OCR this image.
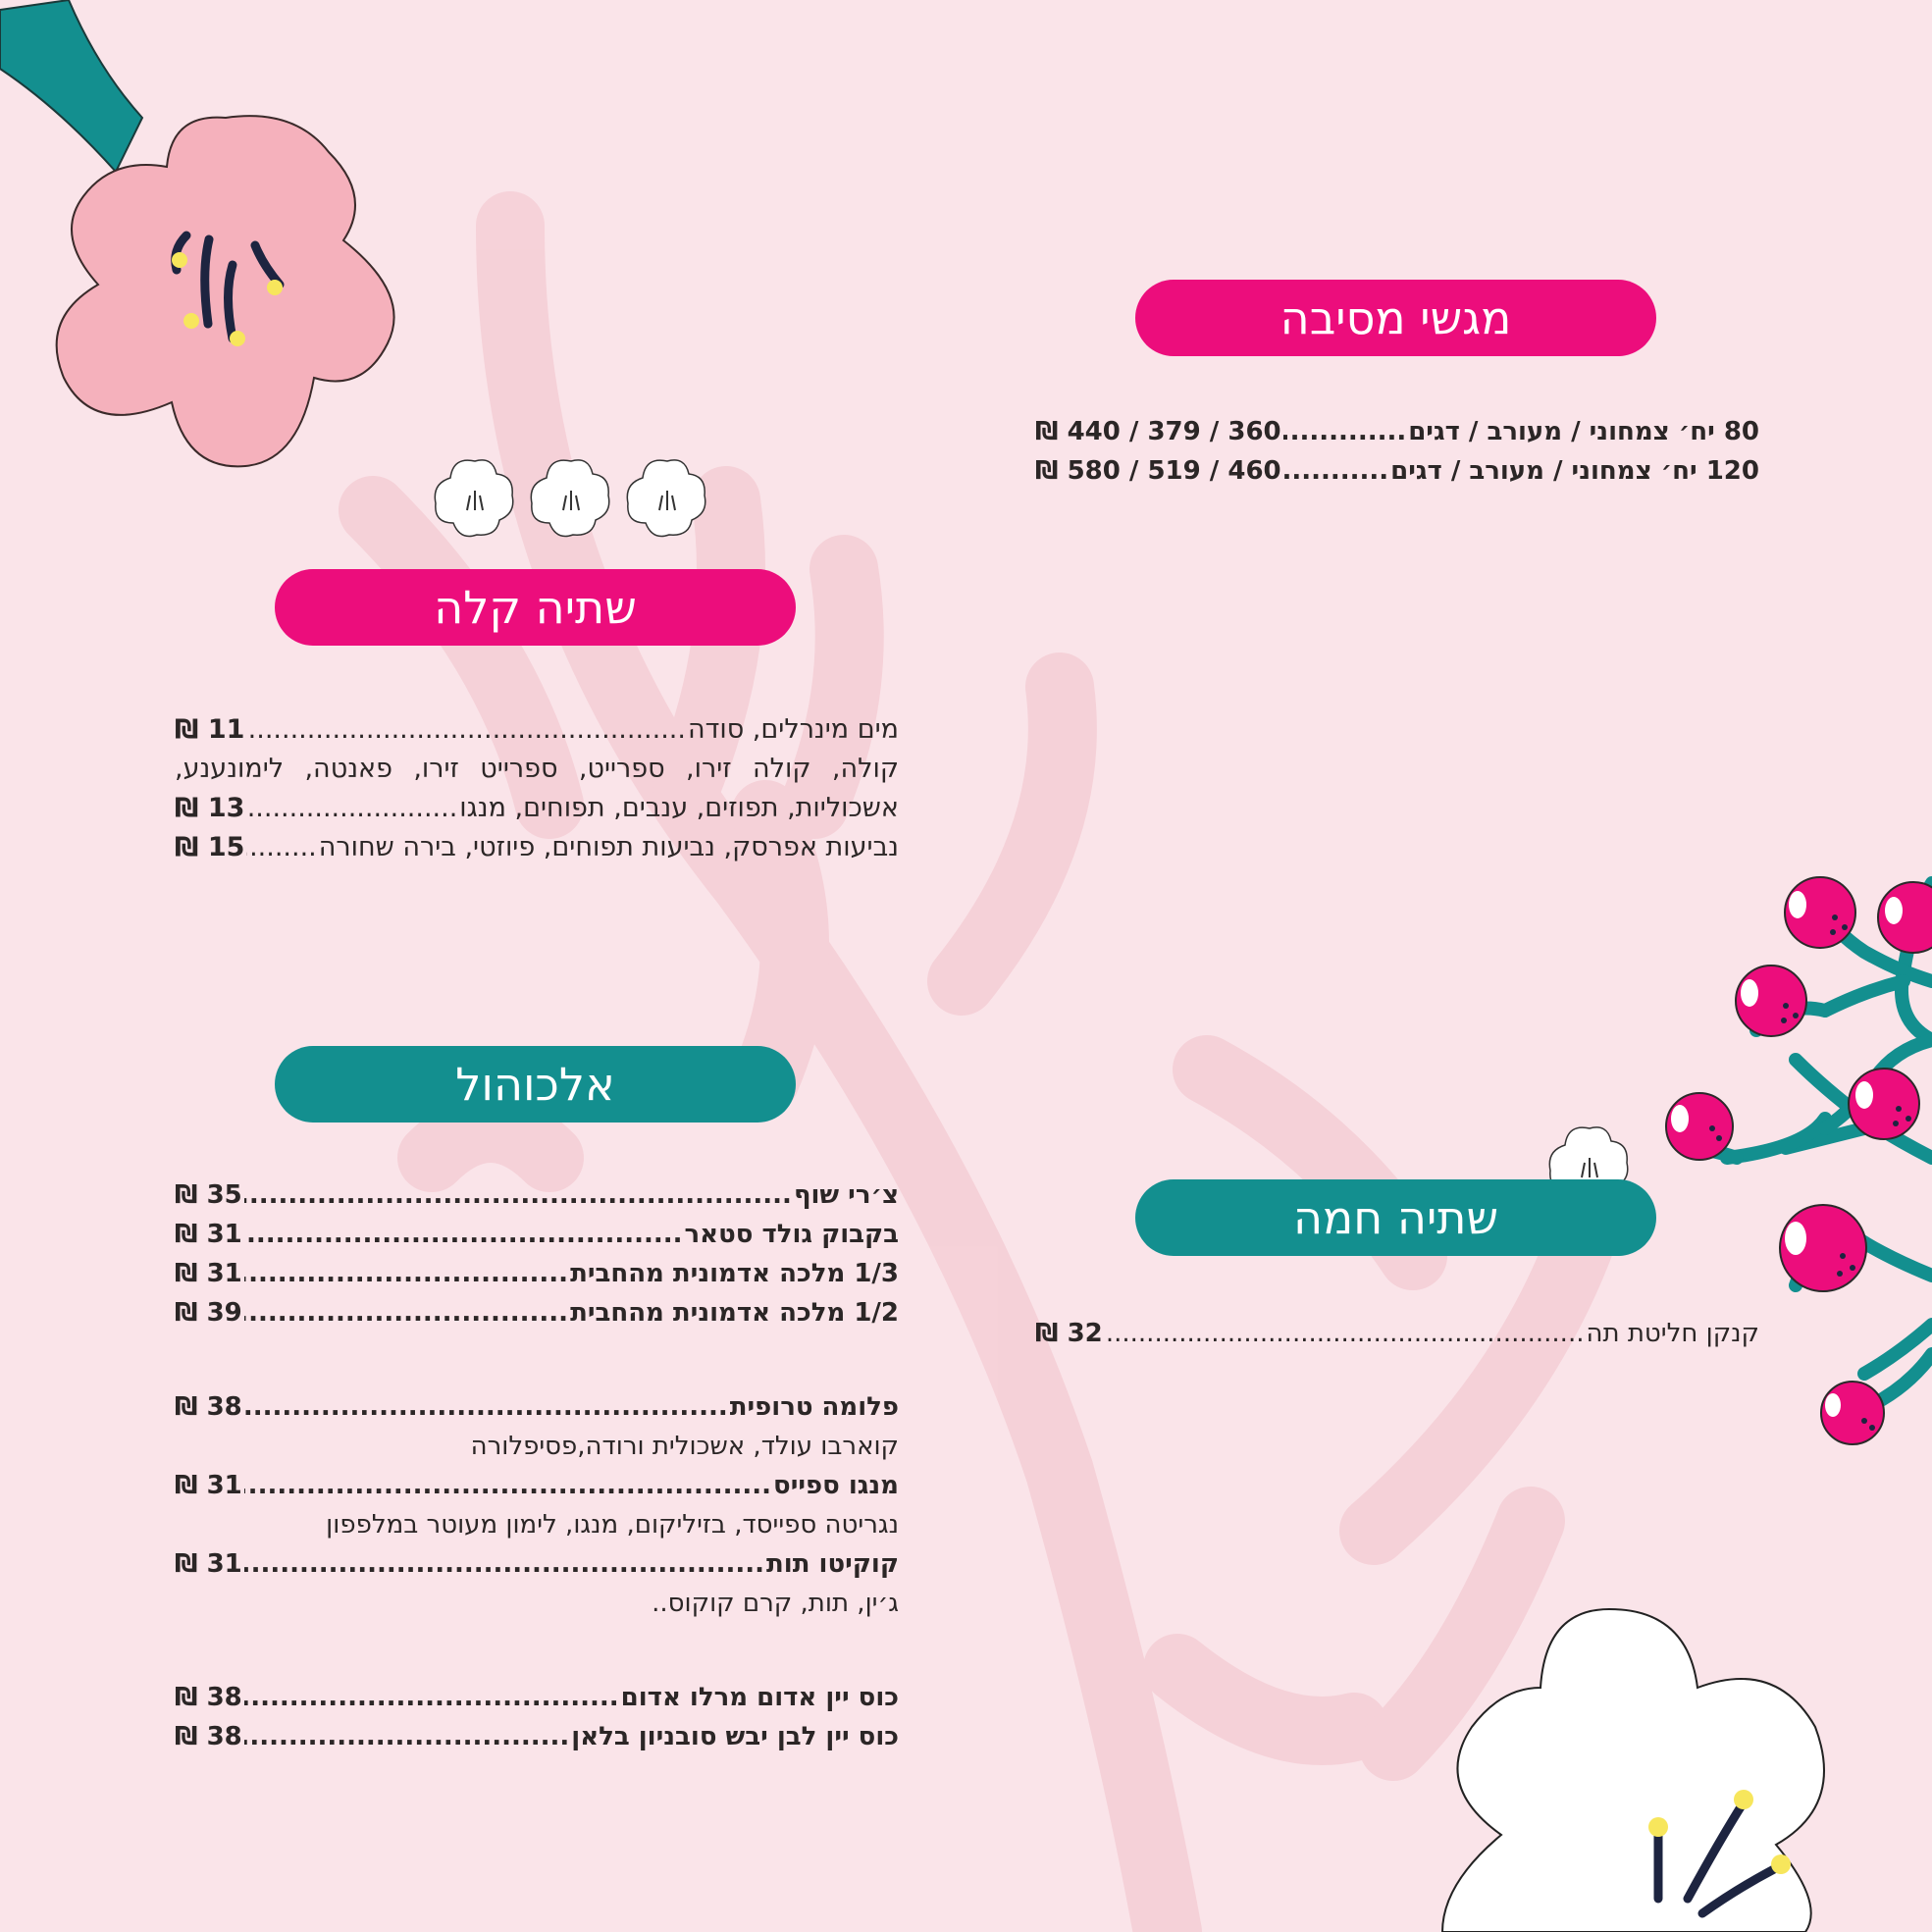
מגשי מסיבה
80 יח׳ צמחוני / מעורב / דגים
.....
360 / 379 / 440 ₪
120 יח׳ צמחוני / מעורב / דגים
.....
460 / 519 / 580 ₪
שתיה קלה
מים מינרלים, סודה
.....
11 ₪
קולה, קולה זירו, ספרייט, ספרייט זירו, פאנטה, לימונענע,
אשכוליות, תפוזים, ענבים, תפוחים, מנגו
.....
13 ₪
נביעות אפרסק, נביעות תפוחים, פיוזטי, בירה שחורה
.....
15 ₪
אלכוהול
צ׳רי שוף
.....
35 ₪
בקבוק גולד סטאר
.....
31 ₪
1/3 מלכה אדמונית מהחבית
.....
31 ₪
1/2 מלכה אדמונית מהחבית
.....
39 ₪
פלומה טרופית
.....
38 ₪
קוארבו עולד, אשכולית ורודה,פסיפלורה
מנגו ספייס
.....
31 ₪
נגריטה ספייסד, בזיליקום, מנגו, לימון מעוטר במלפפון
קוקיטו תות
.....
31 ₪
ג׳ין, תות, קרם קוקוס..
כוס יין אדום מרלו אדום
.....
38 ₪
כוס יין לבן יבש סובניון בלאן
.....
38 ₪
שתיה חמה
קנקן חליטת תה
.....
32 ₪
